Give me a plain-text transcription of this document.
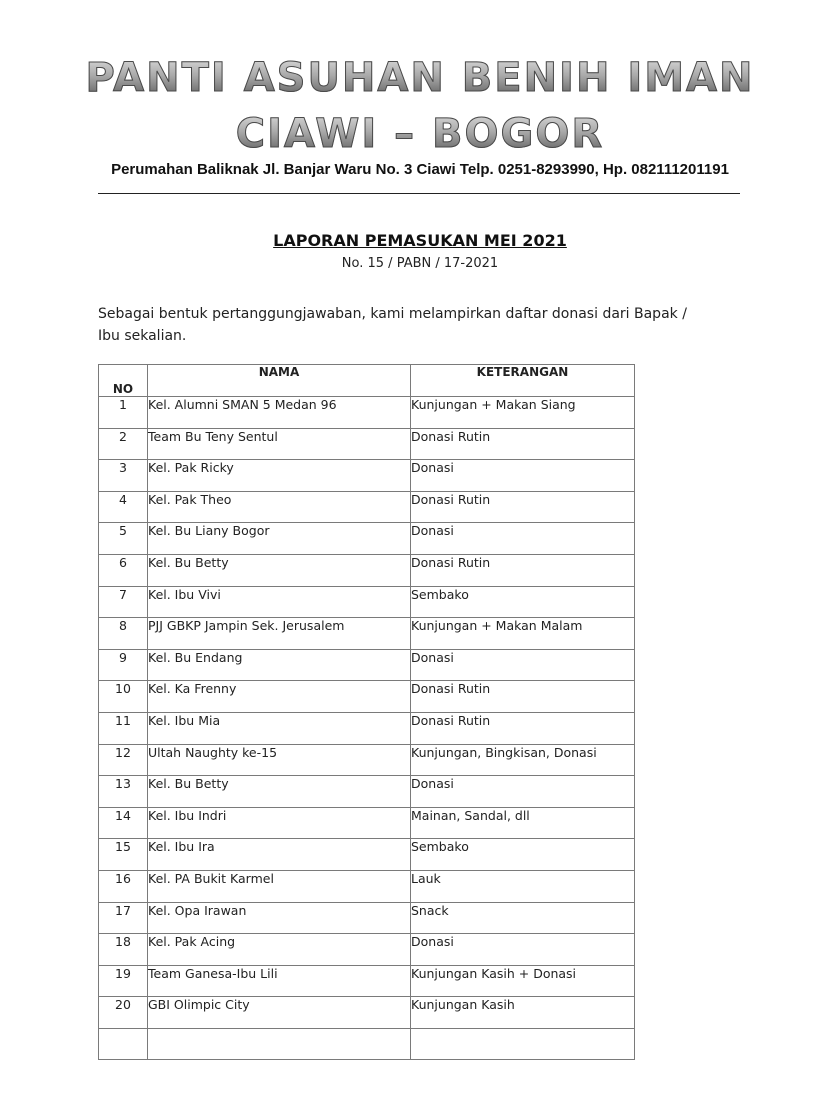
PANTI ASUHAN BENIH IMAN
CIAWI – BOGOR
Perumahan Baliknak Jl. Banjar Waru No. 3 Ciawi Telp. 0251-8293990, Hp. 082111201191
LAPORAN PEMASUKAN MEI 2021
No. 15 / PABN / 17-2021
Sebagai bentuk pertanggungjawaban, kami melampirkan daftar donasi dari Bapak / Ibu sekalian.
NO	NAMA	KETERANGAN
1	Kel. Alumni SMAN 5 Medan 96	Kunjungan + Makan Siang
2	Team Bu Teny Sentul	Donasi Rutin
3	Kel. Pak Ricky	Donasi
4	Kel. Pak Theo	Donasi Rutin
5	Kel. Bu Liany Bogor	Donasi
6	Kel. Bu Betty	Donasi Rutin
7	Kel. Ibu Vivi	Sembako
8	PJJ GBKP Jampin Sek. Jerusalem	Kunjungan + Makan Malam
9	Kel. Bu Endang	Donasi
10	Kel. Ka Frenny	Donasi Rutin
11	Kel. Ibu Mia	Donasi Rutin
12	Ultah Naughty ke-15	Kunjungan, Bingkisan, Donasi
13	Kel. Bu Betty	Donasi
14	Kel. Ibu Indri	Mainan, Sandal, dll
15	Kel. Ibu Ira	Sembako
16	Kel. PA Bukit Karmel	Lauk
17	Kel. Opa Irawan	Snack
18	Kel. Pak Acing	Donasi
19	Team Ganesa-Ibu Lili	Kunjungan Kasih + Donasi
20	GBI Olimpic City	Kunjungan Kasih
